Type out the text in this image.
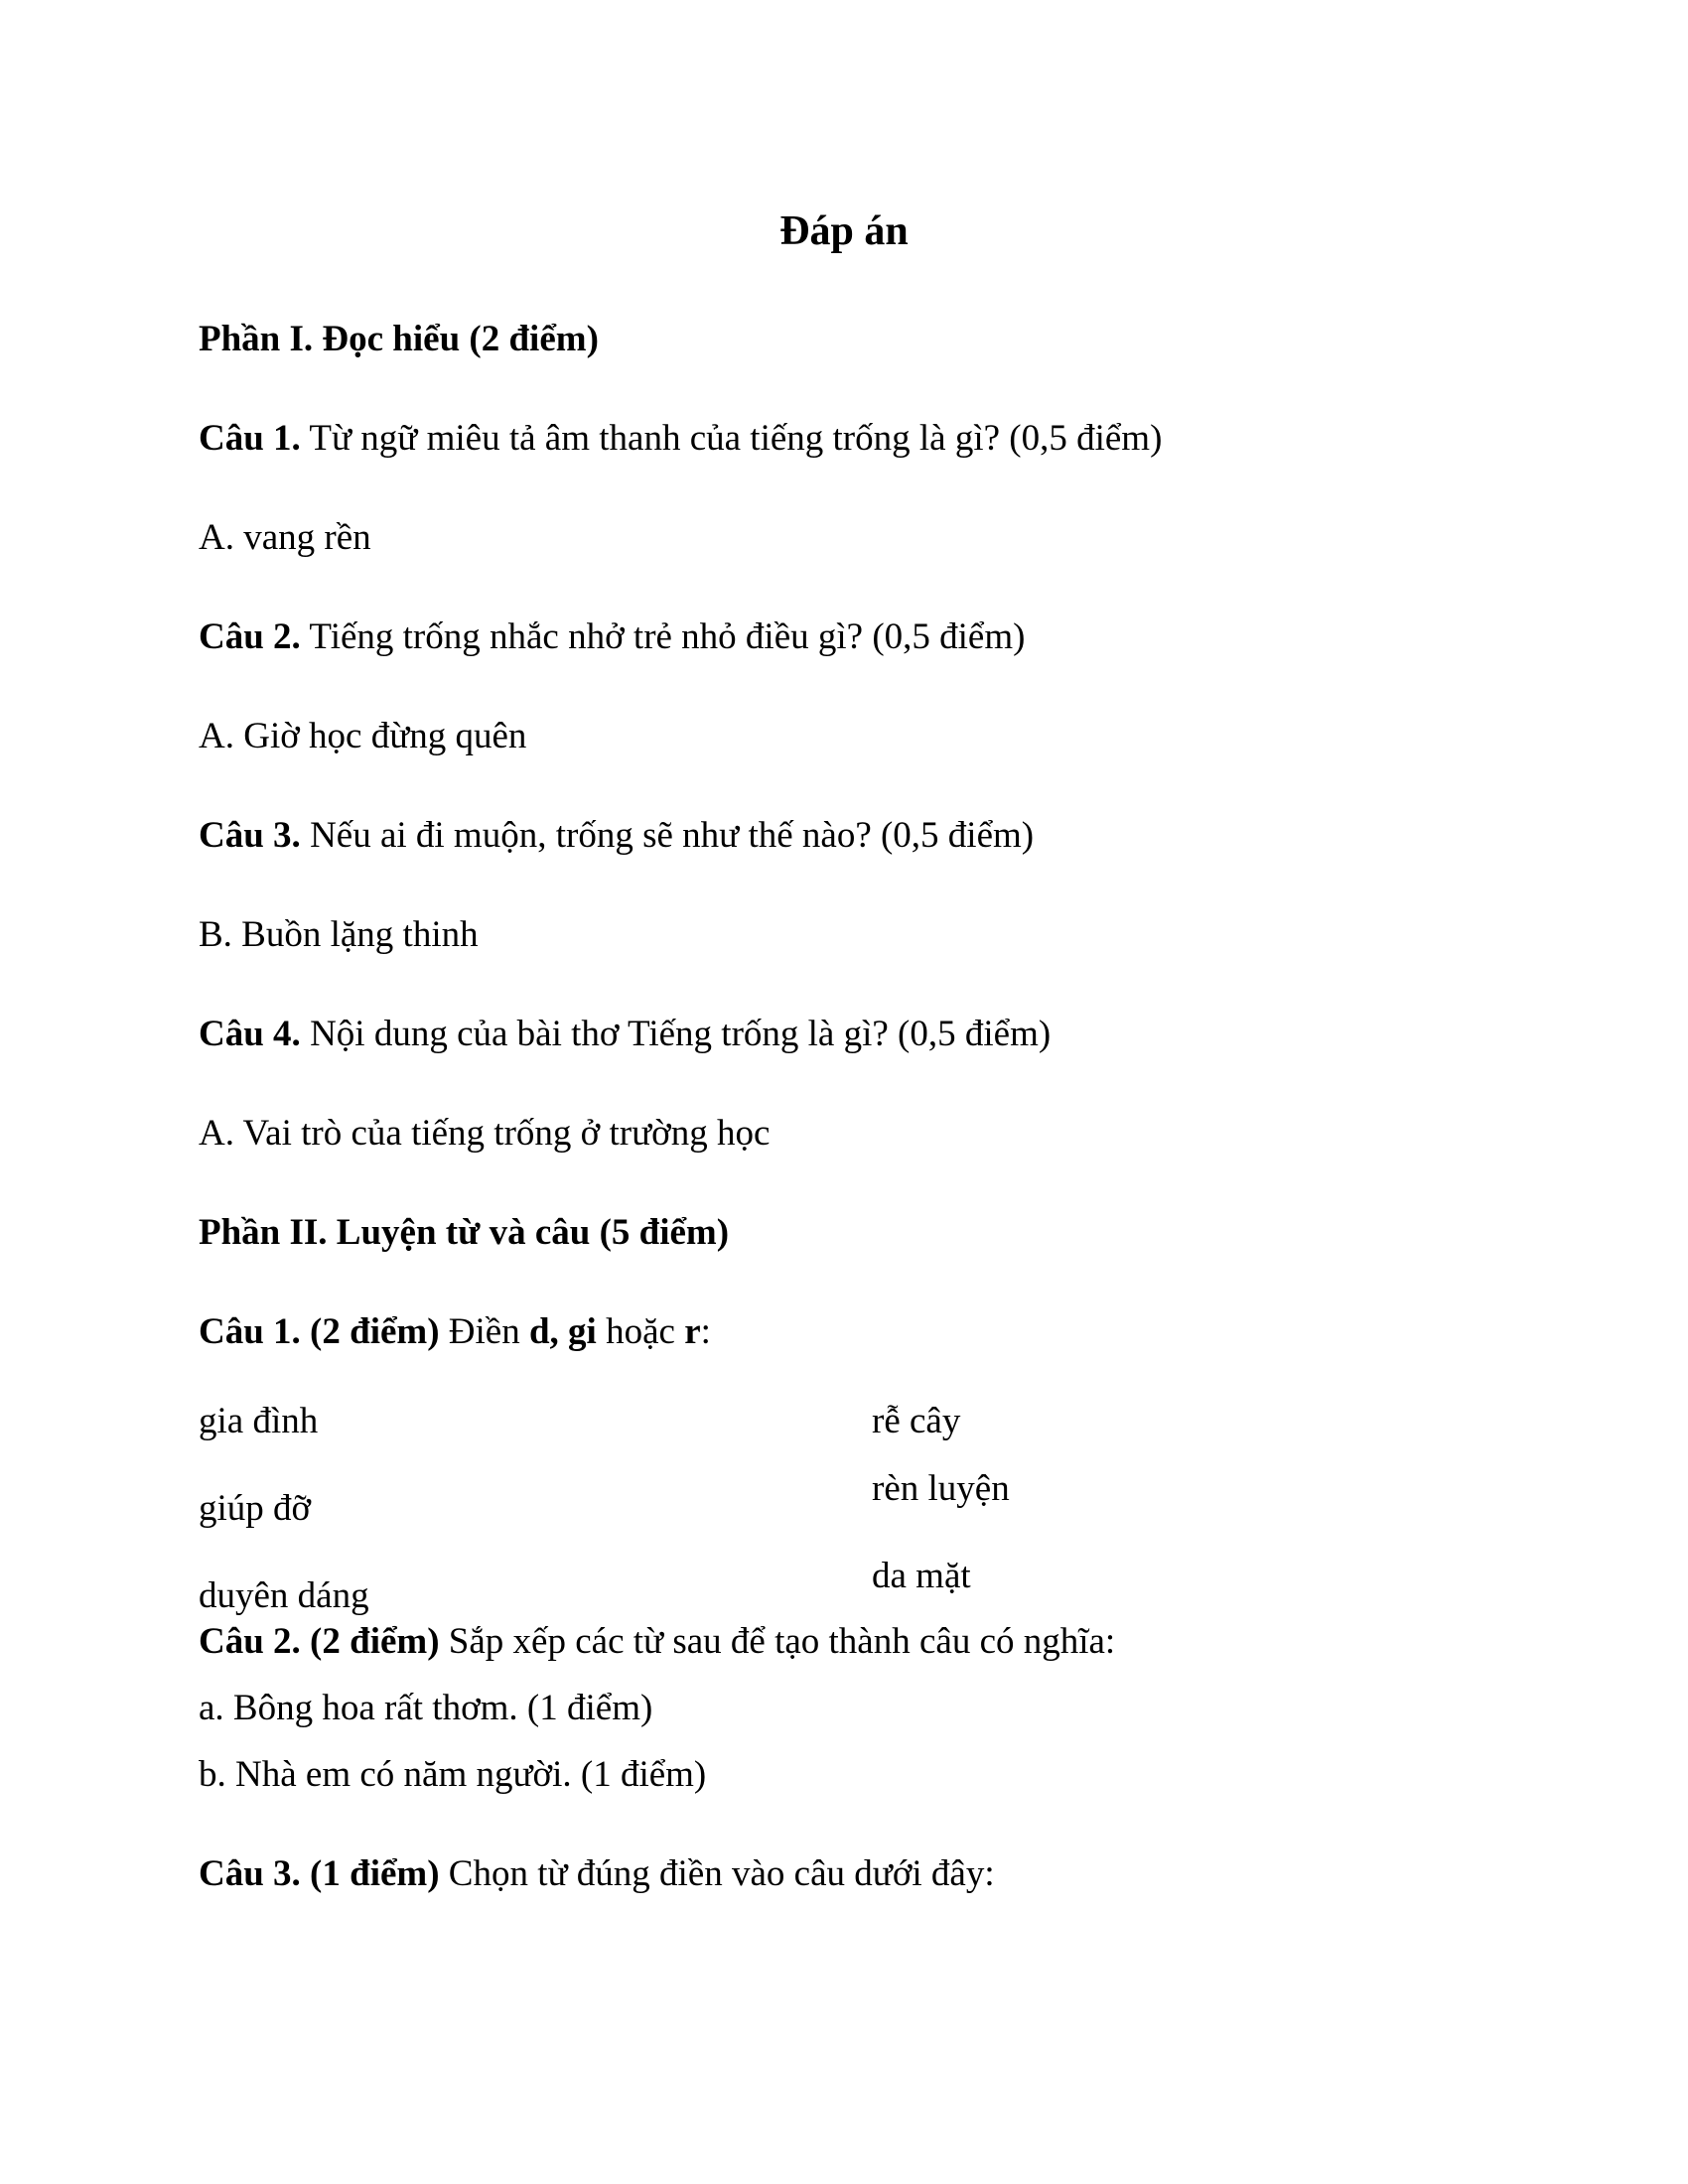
Đáp án
Phần I. Đọc hiểu (2 điểm)
Câu 1. Từ ngữ miêu tả âm thanh của tiếng trống là gì? (0,5 điểm)
A. vang rền
Câu 2. Tiếng trống nhắc nhở trẻ nhỏ điều gì? (0,5 điểm)
A. Giờ học đừng quên
Câu 3. Nếu ai đi muộn, trống sẽ như thế nào? (0,5 điểm)
B. Buồn lặng thinh
Câu 4. Nội dung của bài thơ Tiếng trống là gì? (0,5 điểm)
A. Vai trò của tiếng trống ở trường học
Phần II. Luyện từ và câu (5 điểm)
Câu 1. (2 điểm) Điền d, gi hoặc r:
gia đình	rễ cây
giúp đỡ	rèn luyện
duyên dáng	da mặt
Câu 2. (2 điểm) Sắp xếp các từ sau để tạo thành câu có nghĩa:
a. Bông hoa rất thơm. (1 điểm)
b. Nhà em có năm người. (1 điểm)
Câu 3. (1 điểm) Chọn từ đúng điền vào câu dưới đây:
